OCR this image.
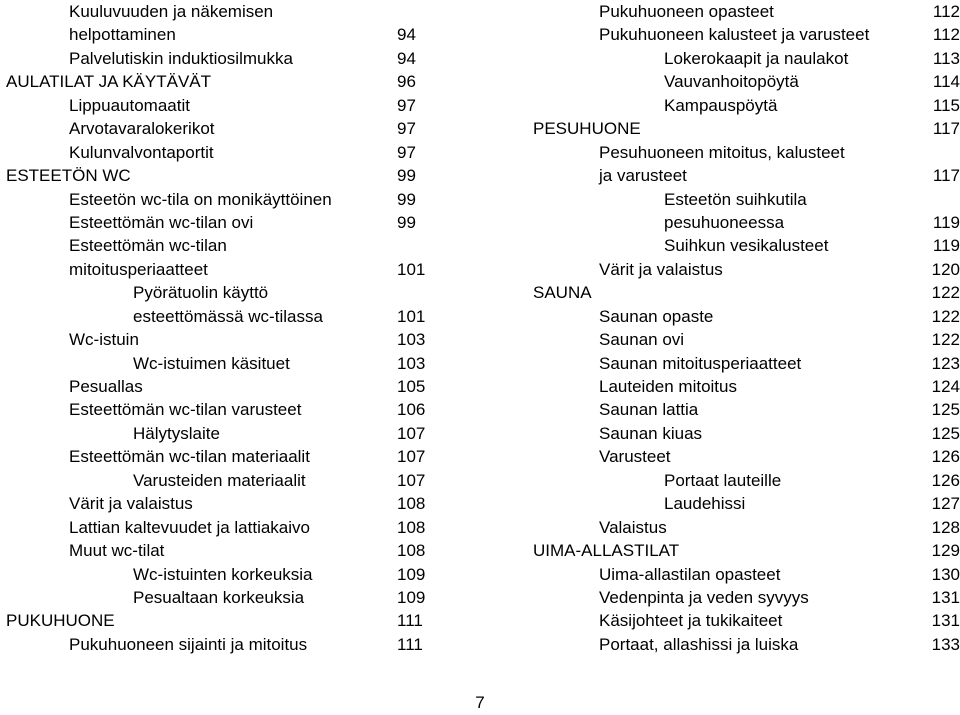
Kuuluvuuden ja näkemisen
helpottaminen	94
Palvelutiskin induktiosilmukka	94
AULATILAT JA KÄYTÄVÄT	96
Lippuautomaatit	97
Arvotavaralokerikot	97
Kulunvalvontaportit	97
ESTEETÖN WC	99
Esteetön wc-tila on monikäyttöinen	99
Esteettömän wc-tilan ovi	99
Esteettömän wc-tilan
mitoitusperiaatteet	101
Pyörätuolin käyttö
esteettömässä wc-tilassa	101
Wc-istuin	103
Wc-istuimen käsituet	103
Pesuallas	105
Esteettömän wc-tilan varusteet	106
Hälytyslaite	107
Esteettömän wc-tilan materiaalit	107
Varusteiden materiaalit	107
Värit ja valaistus	108
Lattian kaltevuudet ja lattiakaivo	108
Muut wc-tilat	108
Wc-istuinten korkeuksia	109
Pesualtaan korkeuksia	109
PUKUHUONE	111
Pukuhuoneen sijainti ja mitoitus	111
Pukuhuoneen opasteet	112
Pukuhuoneen kalusteet ja varusteet	112
Lokerokaapit ja naulakot	113
Vauvanhoitopöytä	114
Kampauspöytä	115
PESUHUONE	117
Pesuhuoneen mitoitus, kalusteet
ja varusteet	117
Esteetön suihkutila
pesuhuoneessa	119
Suihkun vesikalusteet	119
Värit ja valaistus	120
SAUNA	122
Saunan opaste	122
Saunan ovi	122
Saunan mitoitusperiaatteet	123
Lauteiden mitoitus	124
Saunan lattia	125
Saunan kiuas	125
Varusteet	126
Portaat lauteille	126
Laudehissi	127
Valaistus	128
UIMA-ALLASTILAT	129
Uima-allastilan opasteet	130
Vedenpinta ja veden syvyys	131
Käsijohteet ja tukikaiteet	131
Portaat, allashissi ja luiska	133
7
